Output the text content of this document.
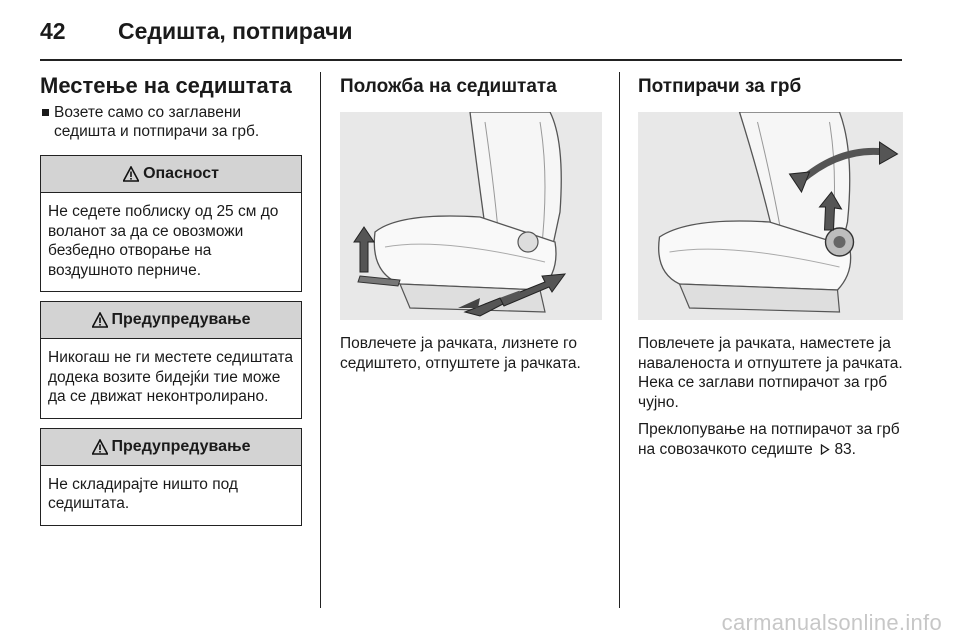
42 Седишта, потпирачи
Местење на седиштата
Возете само со заглавени седишта и потпирачи за грб.
Опасност
Не седете поблиску од 25 см до воланот за да се овозможи безбедно отворање на воздушното перниче.
Предупредување
Никогаш не ги местете седиштата додека возите бидејќи тие може да се движат неконтролирано.
Предупредување
Не складирајте ништо под седиштата.
Положба на седиштата
Повлечете ја рачката, лизнете го седиштето, отпуштете ја рачката.
Потпирачи за грб
Повлечете ја рачката, наместете ја наваленоста и отпуштете ја рачката. Нека се заглави потпирачот за грб чујно.
Преклопување на потпирачот за грб на совозачкото седиште 83.
carmanualsonline.info
